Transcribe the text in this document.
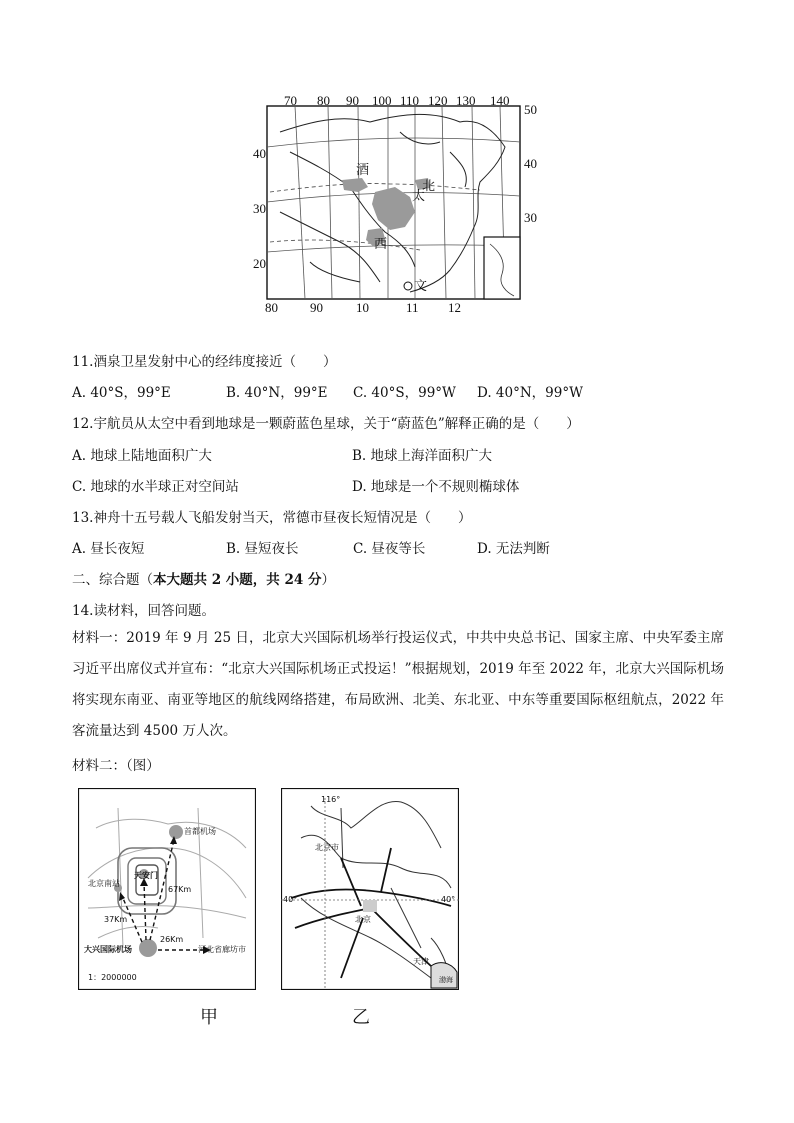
70 80 90 100 110 120 130 140
80 90	10	11 12
40
30
20
50
40
30
酒
北
太
西
文
11.酒泉卫星发射中心的经纬度接近（　　）
A. 40°S，99°E	B. 40°N，99°E C. 40°S，99°W D. 40°N，99°W
12.宇航员从太空中看到地球是一颗蔚蓝色星球，关于“蔚蓝色”解释正确的是（　　）
A. 地球上陆地面积广大	B. 地球上海洋面积广大
C. 地球的水半球正对空间站	D. 地球是一个不规则椭球体
13.神舟十五号载人飞船发射当天，常德市昼夜长短情况是（　　）
A. 昼长夜短	B. 昼短夜长	C. 昼夜等长	D. 无法判断
二、综合题（本大题共 2 小题，共 24 分）
14.读材料，回答问题。
材料一：2019 年 9 月 25 日，北京大兴国际机场举行投运仪式，中共中央总书记、国家主席、中央军委主席习近平出席仪式并宣布：“北京大兴国际机场正式投运！”根据规划，2019 年至 2022 年，北京大兴国际机场将实现东南亚、南亚等地区的航线网络搭建，布局欧洲、北美、东北亚、中东等重要国际枢纽航点，2022 年客流量达到 4500 万人次。
材料二：（图）
首都机场
天安门
北京南站
67Km
37Km
26Km
大兴国际机场	河北省廊坊市
1：2000000
甲
116°
北京市
40°	40°
北京
天津
渤海
乙
